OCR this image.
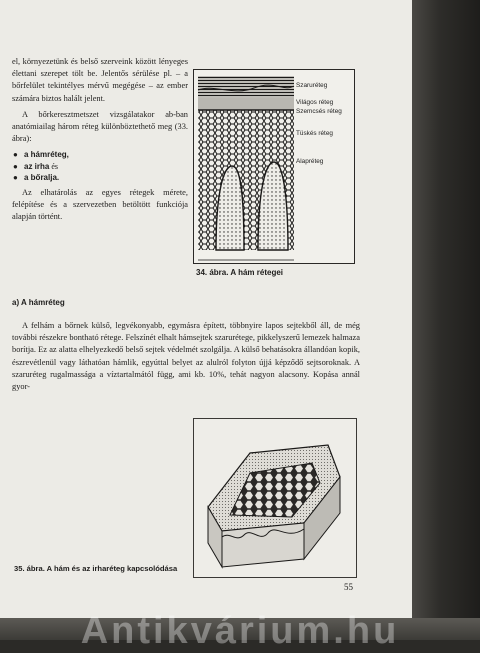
el, környezetünk és belső szerveink között lényeges élettani szerepet tölt be. Jelentős sérülése pl. – a bőrfelület tekintélyes mérvű megégése – az ember számára biztos halált jelent.

A bőrkeresztmetszet vizsgálatakor ab-ban anatómiailag három réteg különböztethető meg (33. ábra):

● a hámréteg,
● az irha és
● a bőralja.

Az elhatárolás az egyes rétegek mérete, felépítése és a szervezetben betöltött funkciója alapján történt.

Szaruréteg
Világos réteg
Szemcsés réteg
Tüskés réteg
Alapréteg
34. ábra. A hám rétegei
a) A hámréteg

A felhám a bőrnek külső, legvékonyabb, egymásra épített, többnyire lapos sejtekből áll, de még további részekre bontható rétege. Felszínét elhalt hámsejtek szarurétege, pikkelyszerű lemezek halmaza borítja. Ez az alatta elhelyezkedő belső sejtek védelmét szolgálja. A külső behatásokra állandóan kopik, észrevétlenül vagy láthatóan hámlik, egyúttal belyet az alulról folyton újjá képződő sejtsoroknak. A szaruréteg rugalmassága a víztartalmától függ, ami kb. 10%, tehát nagyon alacsony. Kopása annál gyor-

35. ábra. A hám és az irharéteg kapcsolódása
55
Antikvárium.hu
